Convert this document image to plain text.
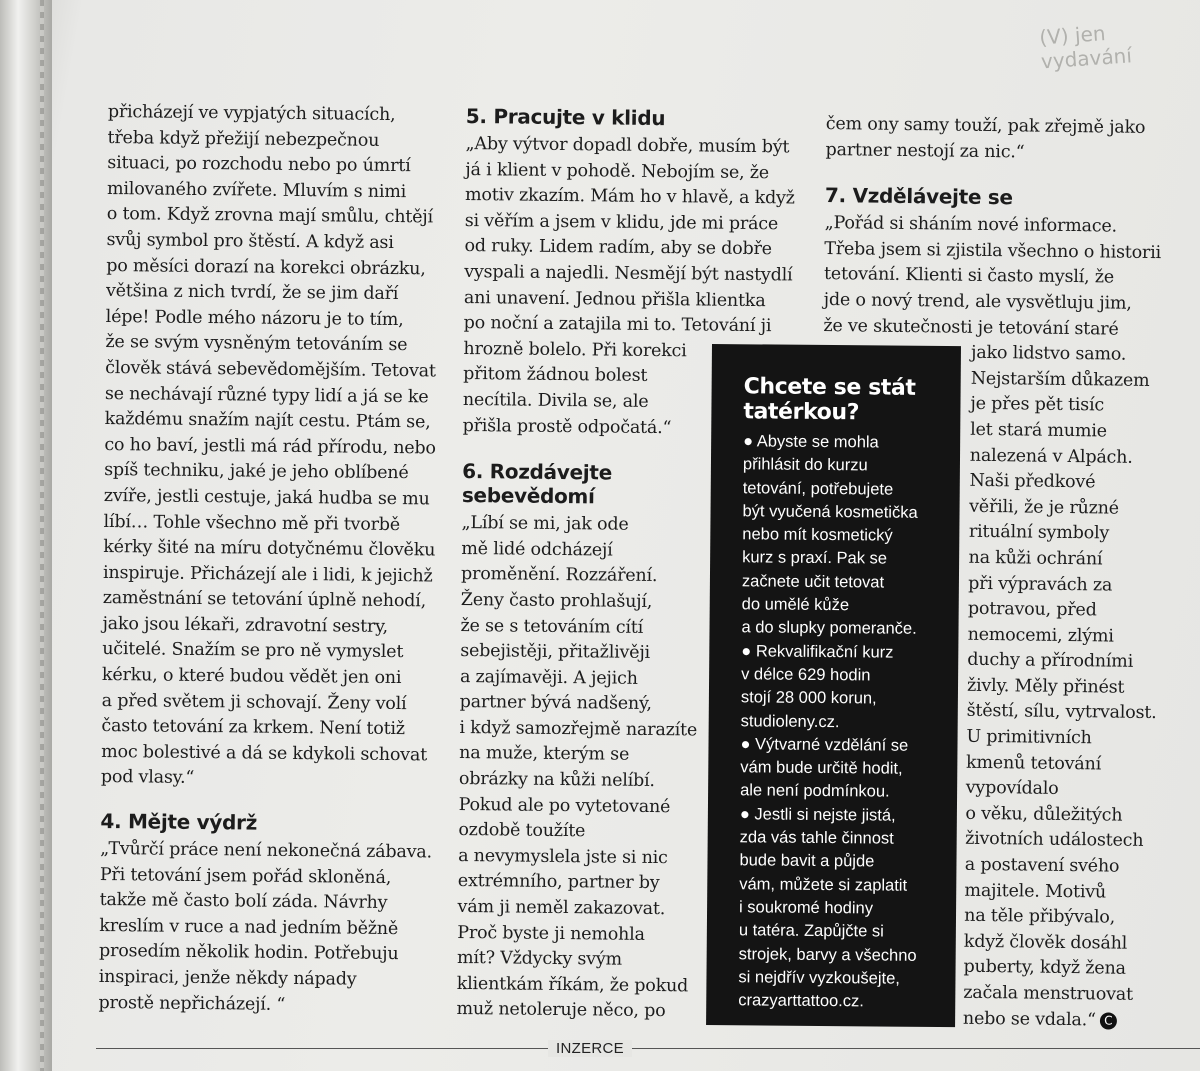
(V) jen vydavání

přicházejí ve vypjatých situacích,

třeba když přežijí nebezpečnou

situaci, po rozchodu nebo po úmrtí

milovaného zvířete. Mluvím s nimi

o tom. Když zrovna mají smůlu, chtějí

svůj symbol pro štěstí. A když asi

po měsíci dorazí na korekci obrázku,

většina z nich tvrdí, že se jim daří

lépe! Podle mého názoru je to tím,

že se svým vysněným tetováním se

člověk stává sebevědomějším. Tetovat

se nechávají různé typy lidí a já se ke

každému snažím najít cestu. Ptám se,

co ho baví, jestli má rád přírodu, nebo

spíš techniku, jaké je jeho oblíbené

zvíře, jestli cestuje, jaká hudba se mu

líbí… Tohle všechno mě při tvorbě

kérky šité na míru dotyčnému člověku

inspiruje. Přicházejí ale i lidi, k jejichž

zaměstnání se tetování úplně nehodí,

jako jsou lékaři, zdravotní sestry,

učitelé. Snažím se pro ně vymyslet

kérku, o které budou vědět jen oni

a před světem ji schovají. Ženy volí

často tetování za krkem. Není totiž

moc bolestivé a dá se kdykoli schovat

pod vlasy.“

4. Mějte výdrž

„Tvůrčí práce není nekonečná zábava.

Při tetování jsem pořád skloněná,

takže mě často bolí záda. Návrhy

kreslím v ruce a nad jedním běžně

prosedím několik hodin. Potřebuju

inspiraci, jenže někdy nápady

prostě nepřicházejí. “

5. Pracujte v klidu

„Aby výtvor dopadl dobře, musím být

já i klient v pohodě. Nebojím se, že

motiv zkazím. Mám ho v hlavě, a když

si věřím a jsem v klidu, jde mi práce

od ruky. Lidem radím, aby se dobře

vyspali a najedli. Nesmějí být nastydlí

ani unavení. Jednou přišla klientka

po noční a zatajila mi to. Tetování ji

hrozně bolelo. Při korekci

přitom žádnou bolest

necítila. Divila se, ale

přišla prostě odpočatá.“

6. Rozdávejte
sebevědomí

„Líbí se mi, jak ode

mě lidé odcházejí

proměnění. Rozzáření.

Ženy často prohlašují,

že se s tetováním cítí

sebejistěji, přitažlivěji

a zajímavěji. A jejich

partner bývá nadšený,

i když samozřejmě narazíte

na muže, kterým se

obrázky na kůži nelíbí.

Pokud ale po vytetované

ozdobě toužíte

a nevymyslela jste si nic

extrémního, partner by

vám ji neměl zakazovat.

Proč byste ji nemohla

mít? Vždycky svým

klientkám říkám, že pokud

muž netoleruje něco, po

čem ony samy touží, pak zřejmě jako

partner nestojí za nic.“

7. Vzdělávejte se

„Pořád si sháním nové informace.

Třeba jsem si zjistila všechno o historii

tetování. Klienti si často myslí, že

jde o nový trend, ale vysvětluju jim,

že ve skutečnosti je tetování staré

jako lidstvo samo.

Nejstarším důkazem

je přes pět tisíc

let stará mumie

nalezená v Alpách.

Naši předkové

věřili, že je různé

rituální symboly

na kůži ochrání

při výpravách za

potravou, před

nemocemi, zlými

duchy a přírodními

živly. Měly přinést

štěstí, sílu, vytrvalost.

U primitivních

kmenů tetování

vypovídalo

o věku, důležitých

životních událostech

a postavení svého

majitele. Motivů

na těle přibývalo,

když člověk dosáhl

puberty, když žena

začala menstruovat

nebo se vdala.“ C

Chcete se stát
tatérkou?

● Abyste se mohla

přihlásit do kurzu

tetování, potřebujete

být vyučená kosmetička

nebo mít kosmetický

kurz s praxí. Pak se

začnete učit tetovat

do umělé kůže

a do slupky pomeranče.

● Rekvalifikační kurz

v délce 629 hodin

stojí 28 000 korun,

studioleny.cz.

● Výtvarné vzdělání se

vám bude určitě hodit,

ale není podmínkou.

● Jestli si nejste jistá,

zda vás tahle činnost

bude bavit a půjde

vám, můžete si zaplatit

i soukromé hodiny

u tatéra. Zapůjčte si

strojek, barvy a všechno

si nejdřív vyzkoušejte,

crazyarttattoo.cz.

INZERCE
